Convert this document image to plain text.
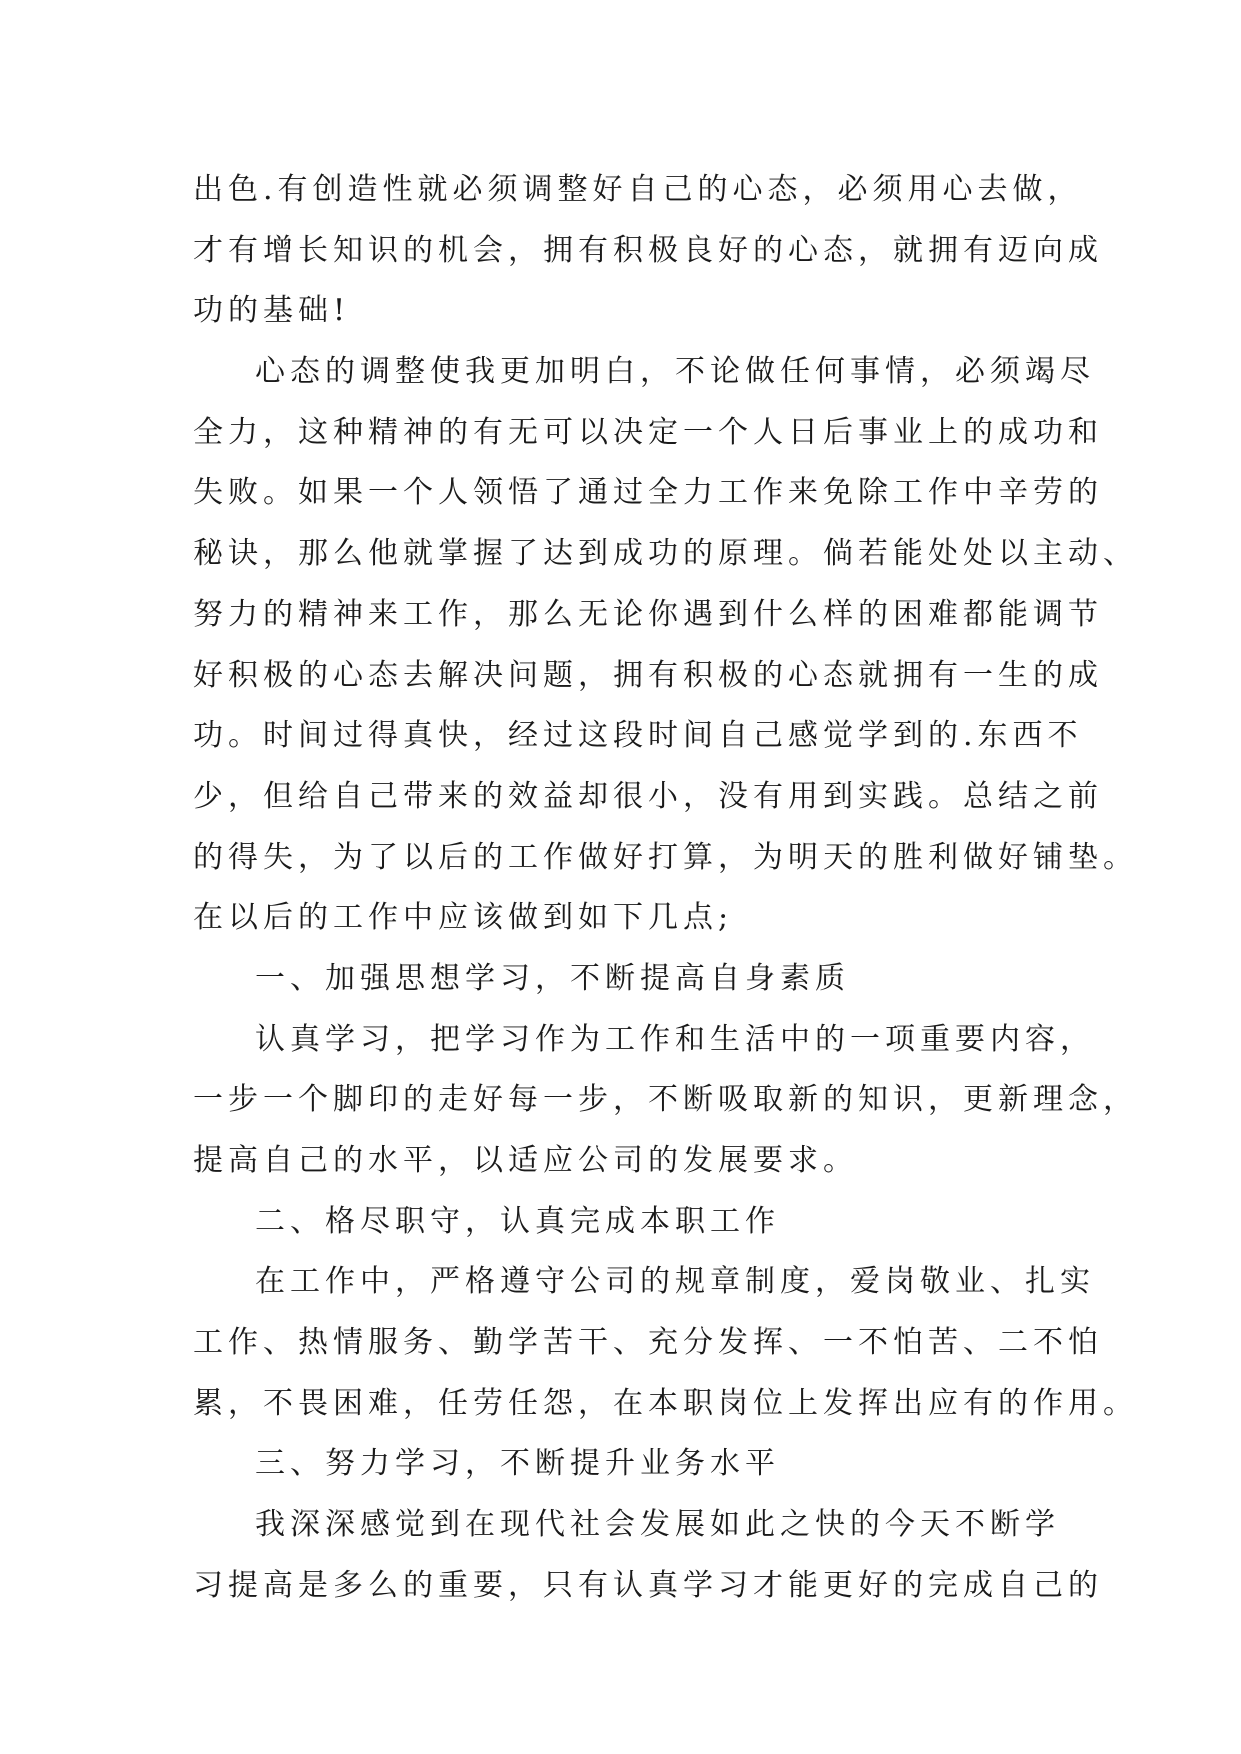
出色.有创造性就必须调整好自己的心态，必须用心去做，
才有增长知识的机会，拥有积极良好的心态，就拥有迈向成
功的基础!
心态的调整使我更加明白，不论做任何事情，必须竭尽
全力，这种精神的有无可以决定一个人日后事业上的成功和
失败。如果一个人领悟了通过全力工作来免除工作中辛劳的
秘诀，那么他就掌握了达到成功的原理。倘若能处处以主动、
努力的精神来工作，那么无论你遇到什么样的困难都能调节
好积极的心态去解决问题，拥有积极的心态就拥有一生的成
功。时间过得真快，经过这段时间自己感觉学到的.东西不
少，但给自己带来的效益却很小，没有用到实践。总结之前
的得失，为了以后的工作做好打算，为明天的胜利做好铺垫。
在以后的工作中应该做到如下几点;
一、加强思想学习，不断提高自身素质
认真学习，把学习作为工作和生活中的一项重要内容，
一步一个脚印的走好每一步，不断吸取新的知识，更新理念，
提高自己的水平，以适应公司的发展要求。
二、格尽职守，认真完成本职工作
在工作中，严格遵守公司的规章制度，爱岗敬业、扎实
工作、热情服务、勤学苦干、充分发挥、一不怕苦、二不怕
累，不畏困难，任劳任怨，在本职岗位上发挥出应有的作用。
三、努力学习，不断提升业务水平
我深深感觉到在现代社会发展如此之快的今天不断学
习提高是多么的重要，只有认真学习才能更好的完成自己的
